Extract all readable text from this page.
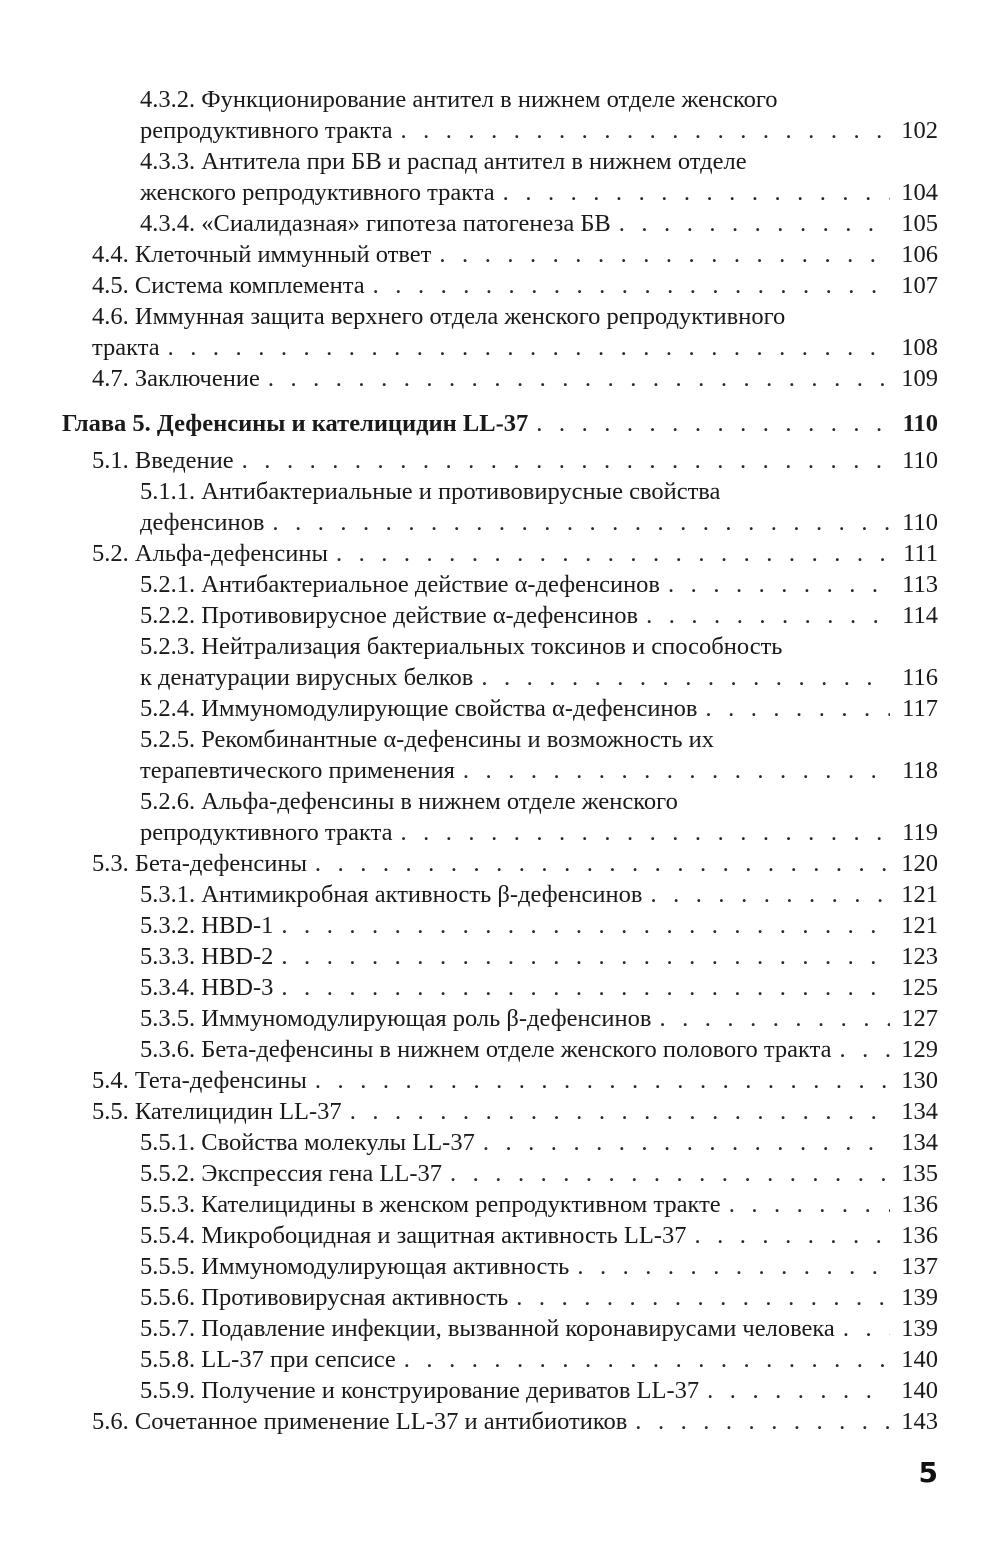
4.3.2. Функционирование антител в нижнем отделе женского
репродуктивного тракта . . .	102
4.3.3. Антитела при БВ и распад антител в нижнем отделе
женского репродуктивного тракта . . .	104
4.3.4. «Сиалидазная» гипотеза патогенеза БВ . . .	105
4.4. Клеточный иммунный ответ . . .	106
4.5. Система комплемента . . .	107
4.6. Иммунная защита верхнего отдела женского репродуктивного
тракта . . .	108
4.7. Заключение . . .	109
Глава 5. Дефенсины и кателицидин LL-37 . . .	110
5.1. Введение . . .	110
5.1.1. Антибактериальные и противовирусные свойства
дефенсинов . . .	110
5.2. Альфа-дефенсины . . .	111
5.2.1. Антибактериальное действие α-дефенсинов . . .	113
5.2.2. Противовирусное действие α-дефенсинов . . .	114
5.2.3. Нейтрализация бактериальных токсинов и способность
к денатурации вирусных белков . . .	116
5.2.4. Иммуномодулирующие свойства α-дефенсинов . . .	117
5.2.5. Рекомбинантные α-дефенсины и возможность их
терапевтического применения . . .	118
5.2.6. Альфа-дефенсины в нижнем отделе женского
репродуктивного тракта . . .	119
5.3. Бета-дефенсины . . .	120
5.3.1. Антимикробная активность β-дефенсинов . . .	121
5.3.2. HBD-1 . . .	121
5.3.3. HBD-2 . . .	123
5.3.4. HBD-3 . . .	125
5.3.5. Иммуномодулирующая роль β-дефенсинов . . .	127
5.3.6. Бета-дефенсины в нижнем отделе женского полового тракта . . .	129
5.4. Тета-дефенсины . . .	130
5.5. Кателицидин LL-37 . . .	134
5.5.1. Свойства молекулы LL-37 . . .	134
5.5.2. Экспрессия гена LL-37 . . .	135
5.5.3. Кателицидины в женском репродуктивном тракте . . .	136
5.5.4. Микробоцидная и защитная активность LL-37 . . .	136
5.5.5. Иммуномодулирующая активность . . .	137
5.5.6. Противовирусная активность . . .	139
5.5.7. Подавление инфекции, вызванной коронавирусами человека . . .	139
5.5.8. LL-37 при сепсисе . . .	140
5.5.9. Получение и конструирование дериватов LL-37 . . .	140
5.6. Сочетанное применение LL-37 и антибиотиков . . .	143
5
